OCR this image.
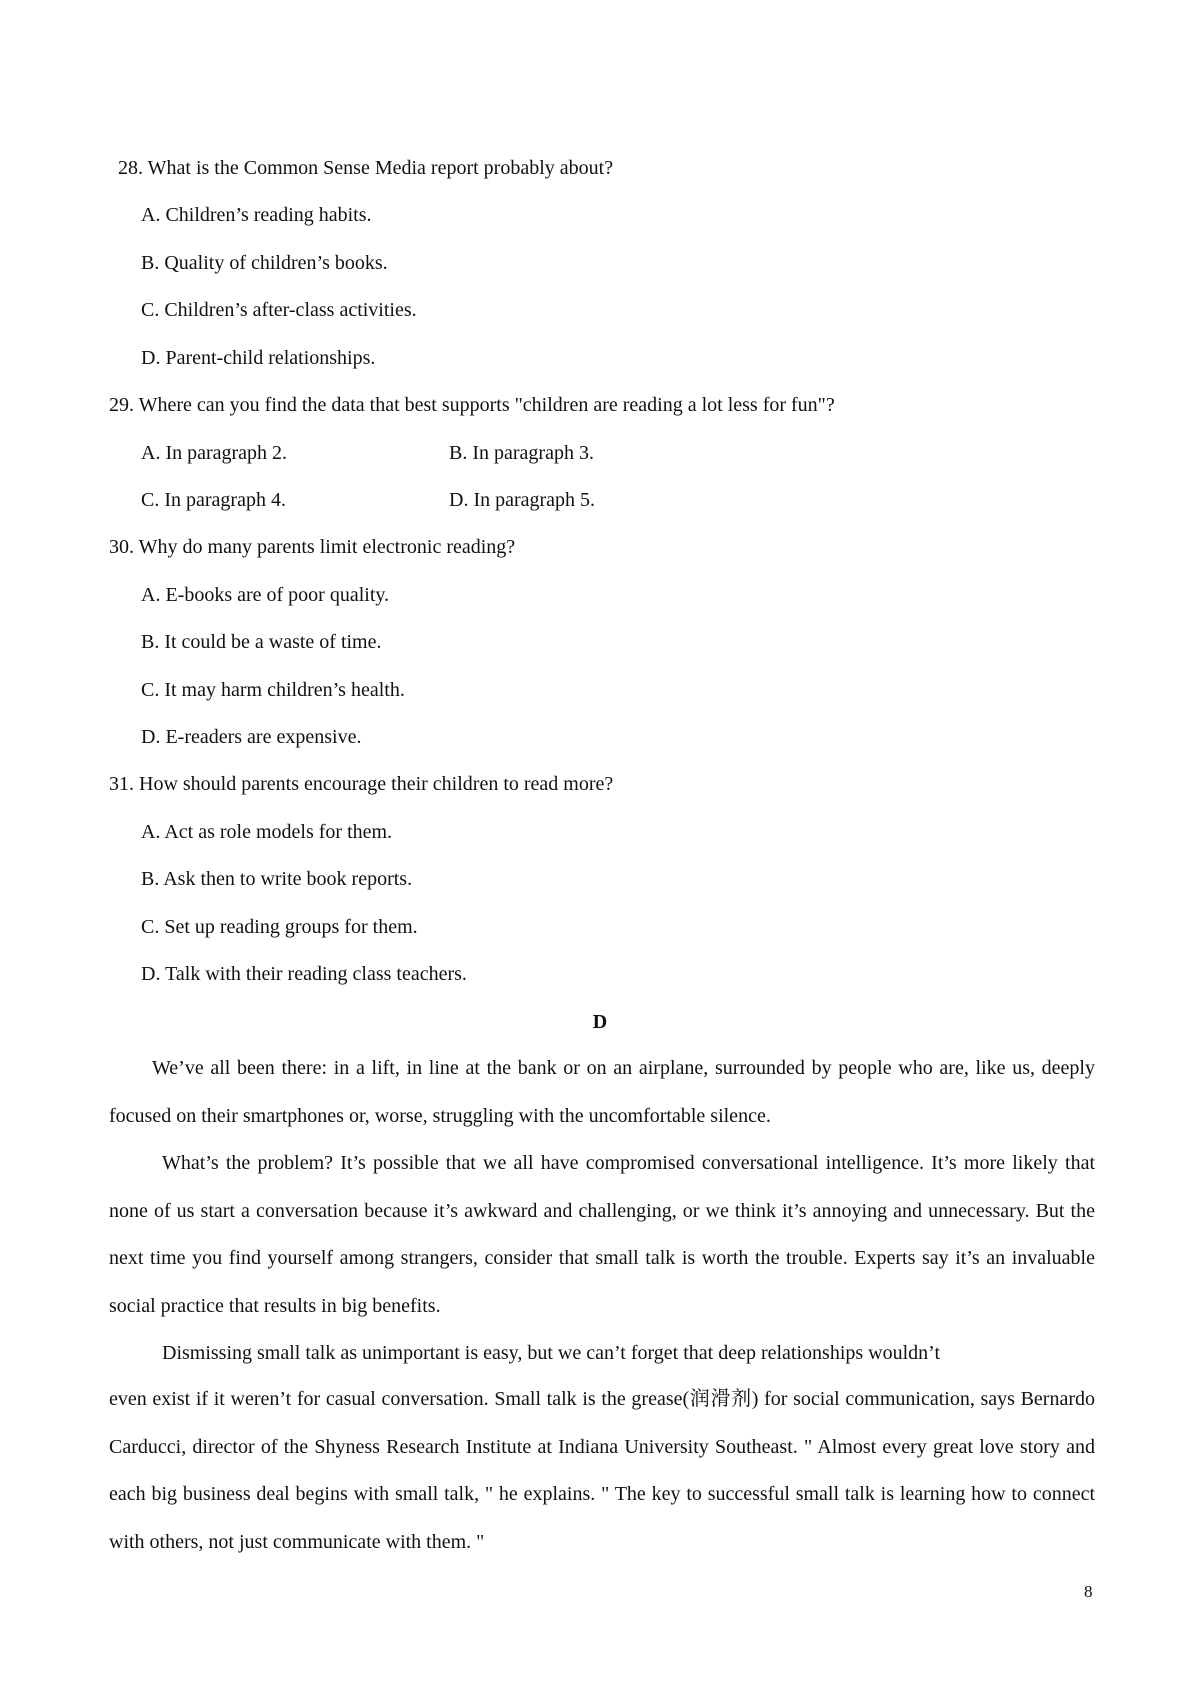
28. What is the Common Sense Media report probably about?
A. Children’s reading habits.
B. Quality of children’s books.
C. Children’s after-class activities.
D. Parent-child relationships.
29. Where can you find the data that best supports "children are reading a lot less for fun"?
A. In paragraph 2.	B. In paragraph 3.
C. In paragraph 4.	D. In paragraph 5.
30. Why do many parents limit electronic reading?
A. E-books are of poor quality.
B. It could be a waste of time.
C. It may harm children’s health.
D. E-readers are expensive.
31. How should parents encourage their children to read more?
A. Act as role models for them.
B. Ask then to write book reports.
C. Set up reading groups for them.
D. Talk with their reading class teachers.
D

We’ve all been there: in a lift, in line at the bank or on an airplane, surrounded by people who are, like us, deeply focused on their smartphones or, worse, struggling with the uncomfortable silence.

What’s the problem? It’s possible that we all have compromised conversational intelligence. It’s more likely that none of us start a conversation because it’s awkward and challenging, or we think it’s annoying and unnecessary. But the next time you find yourself among strangers, consider that small talk is worth the trouble. Experts say it’s an invaluable social practice that results in big benefits.

Dismissing small talk as unimportant is easy, but we can’t forget that deep relationships wouldn’t

even exist if it weren’t for casual conversation. Small talk is the grease(润滑剂) for social communication, says Bernardo Carducci, director of the Shyness Research Institute at Indiana University Southeast. " Almost every great love story and each big business deal begins with small talk, " he explains. " The key to successful small talk is learning how to connect with others, not just communicate with them. "

8
